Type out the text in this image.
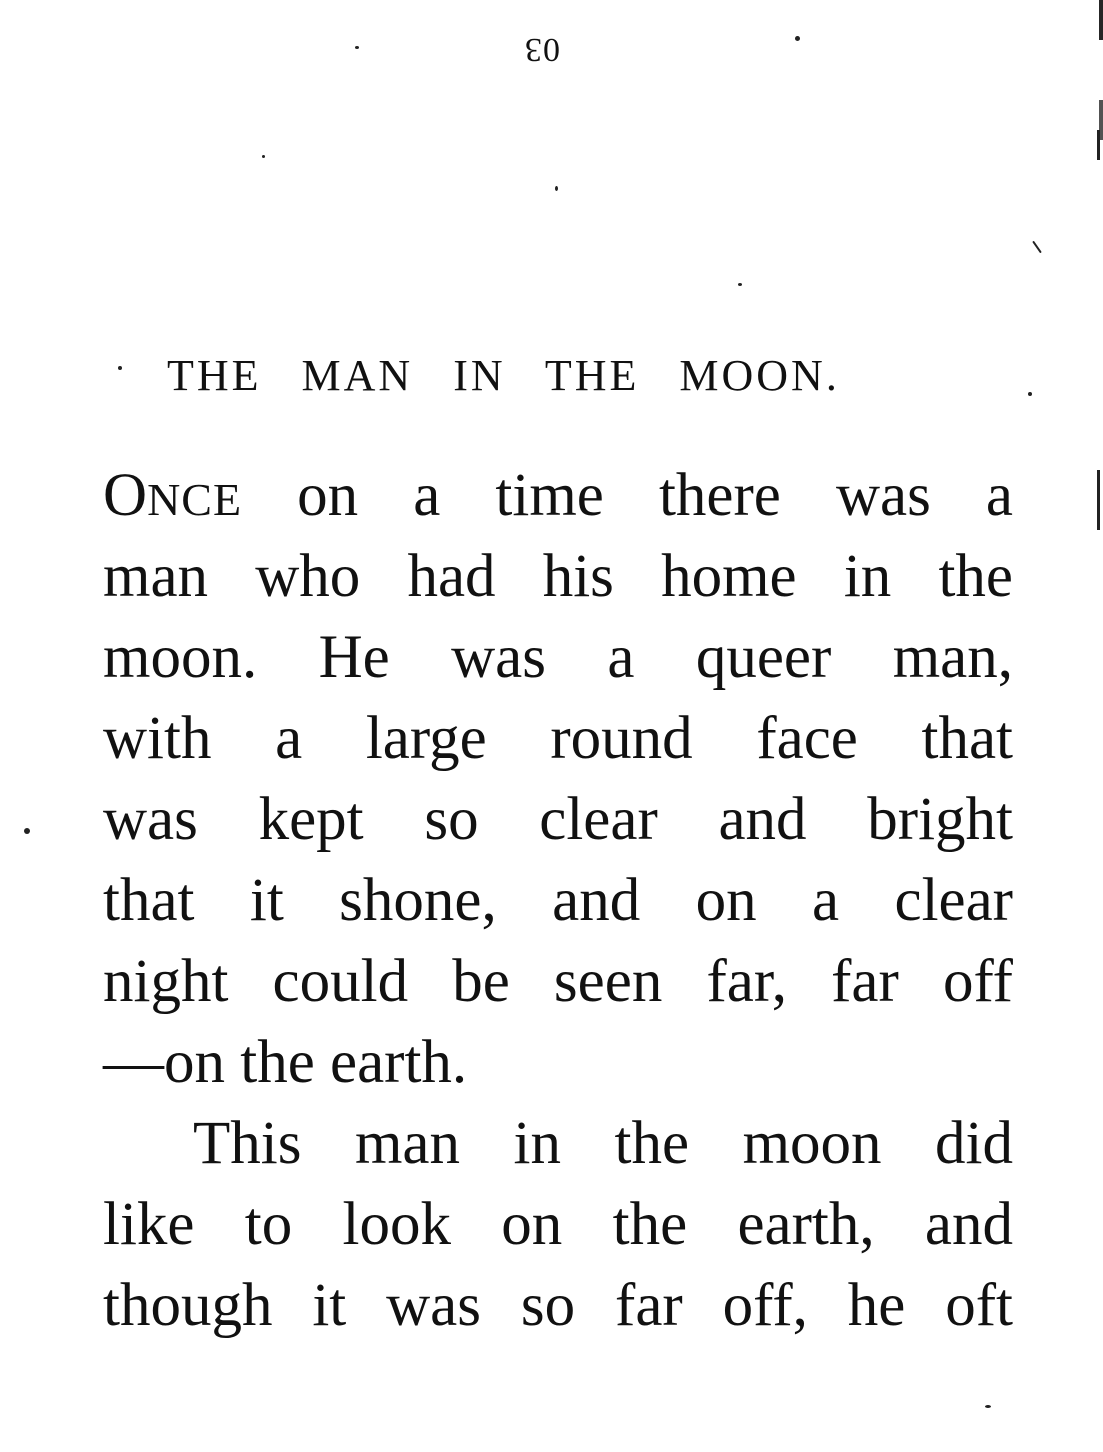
03
THE MAN IN THE MOON.
ONCE on a time there was a
man who had his home in the
moon. He was a queer man,
with a large round face that
was kept so clear and bright
that it shone, and on a clear
night could be seen far, far off
—on the earth.
This man in the moon did
like to look on the earth, and
though it was so far off, he oft
